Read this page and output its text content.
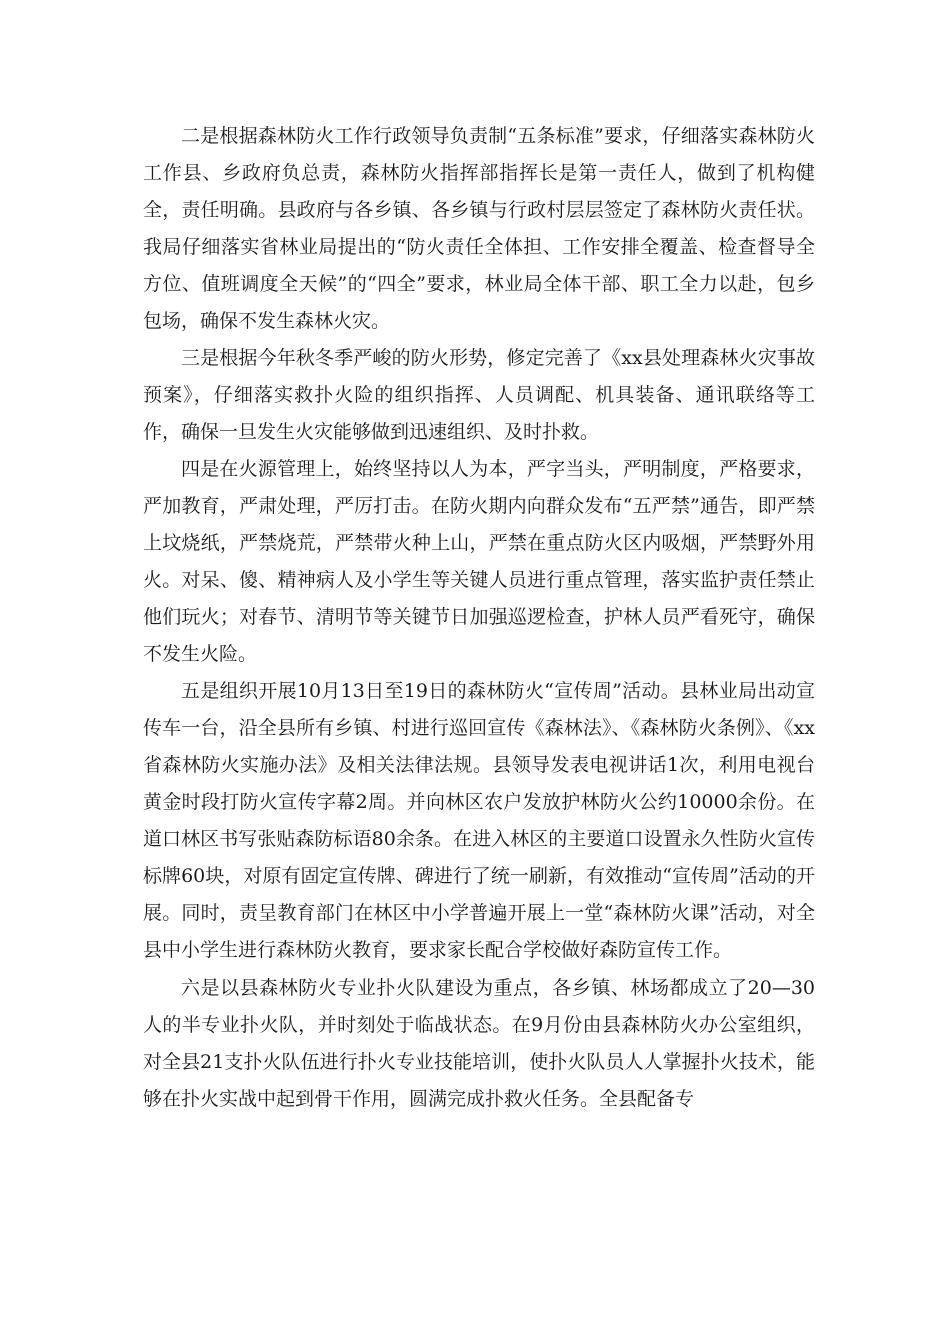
二是根据森林防火工作行政领导负责制“五条标准”要求，仔细落实森林防火工作县、乡政府负总责，森林防火指挥部指挥长是第一责任人，做到了机构健全，责任明确。县政府与各乡镇、各乡镇与行政村层层签定了森林防火责任状。我局仔细落实省林业局提出的“防火责任全体担、工作安排全覆盖、检查督导全方位、值班调度全天候”的“四全”要求，林业局全体干部、职工全力以赴，包乡包场，确保不发生森林火灾。

三是根据今年秋冬季严峻的防火形势，修定完善了《xx县处理森林火灾事故预案》，仔细落实救扑火险的组织指挥、人员调配、机具装备、通讯联络等工作，确保一旦发生火灾能够做到迅速组织、及时扑救。

四是在火源管理上，始终坚持以人为本，严字当头，严明制度，严格要求，严加教育，严肃处理，严厉打击。在防火期内向群众发布“五严禁”通告，即严禁上坟烧纸，严禁烧荒，严禁带火种上山，严禁在重点防火区内吸烟，严禁野外用火。对呆、傻、精神病人及小学生等关键人员进行重点管理，落实监护责任禁止他们玩火；对春节、清明节等关键节日加强巡逻检查，护林人员严看死守，确保不发生火险。

五是组织开展10月13日至19日的森林防火“宣传周”活动。县林业局出动宣传车一台，沿全县所有乡镇、村进行巡回宣传《森林法》、《森林防火条例》、《xx省森林防火实施办法》及相关法律法规。县领导发表电视讲话1次，利用电视台黄金时段打防火宣传字幕2周。并向林区农户发放护林防火公约10000余份。在道口林区书写张贴森防标语80余条。在进入林区的主要道口设置永久性防火宣传标牌60块，对原有固定宣传牌、碑进行了统一刷新，有效推动“宣传周”活动的开展。同时，责呈教育部门在林区中小学普遍开展上一堂“森林防火课”活动，对全县中小学生进行森林防火教育，要求家长配合学校做好森防宣传工作。

六是以县森林防火专业扑火队建设为重点，各乡镇、林场都成立了20—30人的半专业扑火队，并时刻处于临战状态。在9月份由县森林防火办公室组织，对全县21支扑火队伍进行扑火专业技能培训，使扑火队员人人掌握扑火技术，能够在扑火实战中起到骨干作用，圆满完成扑救火任务。全县配备专
